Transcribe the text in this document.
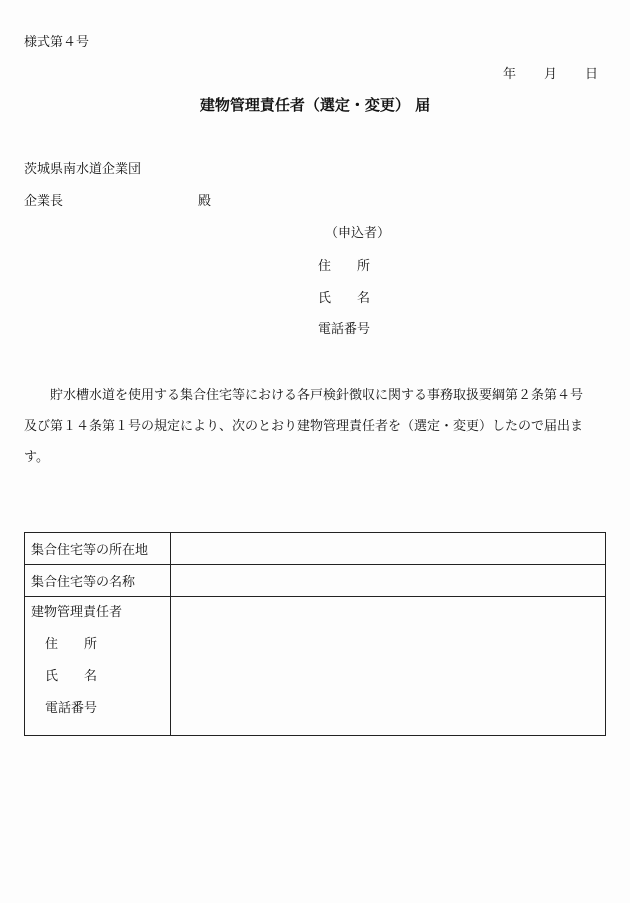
様式第４号
年 月 日
建物管理責任者（選定・変更） 届
茨城県南水道企業団
企業長	殿
（申込者）
住 所
氏 名
電話番号

貯水槽水道を使用する集合住宅等における各戸検針徴収に関する事務取扱要綱第２条第４号

及び第１４条第１号の規定により、次のとおり建物管理責任者を（選定・変更）したので届出ます。

集合住宅等の所在地	
集合住宅等の名称	

建物管理責任者
住 所
氏 名
電話番号	
